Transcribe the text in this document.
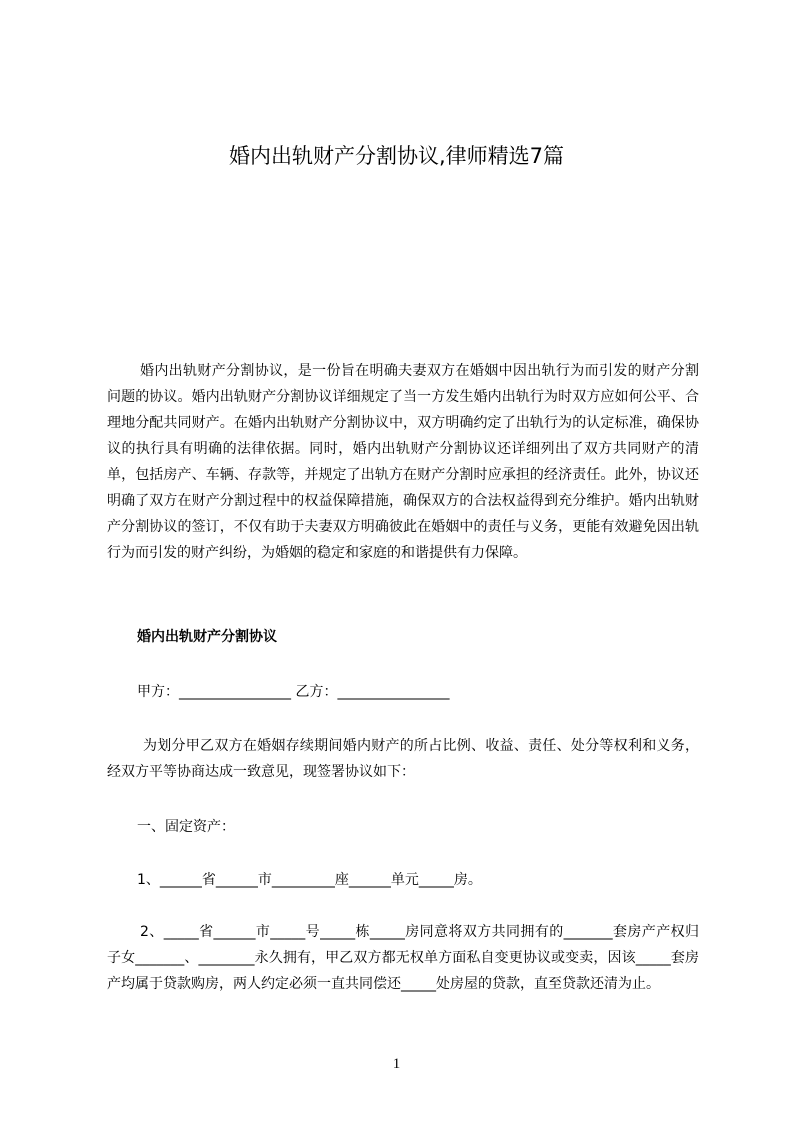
婚内出轨财产分割协议,律师精选7篇
婚内出轨财产分割协议，是一份旨在明确夫妻双方在婚姻中因出轨行为而引发的财产分割问题的协议。婚内出轨财产分割协议详细规定了当一方发生婚内出轨行为时双方应如何公平、合理地分配共同财产。在婚内出轨财产分割协议中，双方明确约定了出轨行为的认定标准，确保协议的执行具有明确的法律依据。同时，婚内出轨财产分割协议还详细列出了双方共同财产的清单，包括房产、车辆、存款等，并规定了出轨方在财产分割时应承担的经济责任。此外，协议还明确了双方在财产分割过程中的权益保障措施，确保双方的合法权益得到充分维护。婚内出轨财产分割协议的签订，不仅有助于夫妻双方明确彼此在婚姻中的责任与义务，更能有效避免因出轨行为而引发的财产纠纷，为婚姻的稳定和家庭的和谐提供有力保障。
婚内出轨财产分割协议
甲方：________________ 乙方：________________
为划分甲乙双方在婚姻存续期间婚内财产的所占比例、收益、责任、处分等权利和义务，经双方平等协商达成一致意见，现签署协议如下：
一、固定资产：
1、______省______市_________座______单元_____房。
2、_____省______市_____号_____栋_____房同意将双方共同拥有的_______套房产产权归子女_______、________永久拥有，甲乙双方都无权单方面私自变更协议或变卖，因该_____套房产均属于贷款购房，两人约定必须一直共同偿还_____处房屋的贷款，直至贷款还清为止。
1
